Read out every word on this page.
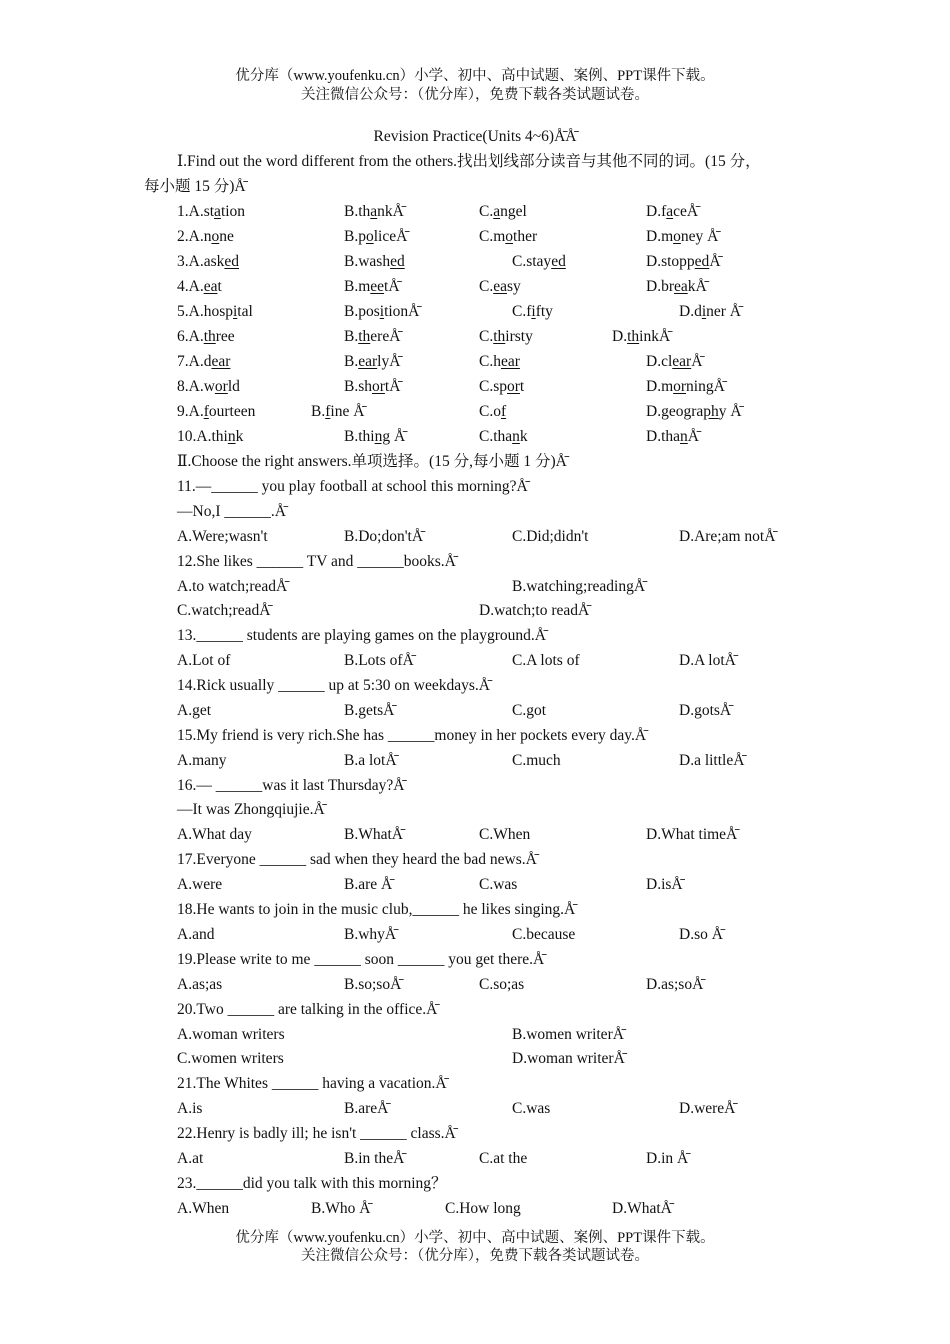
优分库（www.youfenku.cn）小学、初中、高中试题、案例、PPT课件下载。
关注微信公众号：（优分库），免费下载各类试题试卷。
Revision Practice(Units 4~6)Å̄Å̄
Ⅰ.Find out the word different from the others.找出划线部分读音与其他不同的词。(15 分，
每小题 15 分)Å̄
1.A.station	B.thankÅ̄	C.angel	D.faceÅ̄
2.A.none	B.policeÅ̄	C.mother	D.money Å̄
3.A.asked	B.washed	C.stayed	D.stoppedÅ̄
4.A.eat	B.meetÅ̄	C.easy	D.breakÅ̄
5.A.hospital	B.positionÅ̄	C.fifty	D.diner Å̄
6.A.three	B.thereÅ̄	C.thirsty	D.thinkÅ̄
7.A.dear	B.earlyÅ̄	C.hear	D.clearÅ̄
8.A.world	B.shortÅ̄	C.sport	D.morningÅ̄
9.A.fourteen	B.fine Å̄	C.of	D.geography Å̄
10.A.think	B.thing Å̄	C.thank	D.thanÅ̄
Ⅱ.Choose the right answers.单项选择。(15 分,每小题 1 分)Å̄
11.—______ you play football at school this morning?Å̄
—No,I ______.Å̄
A.Were;wasn't	B.Do;don'tÅ̄	C.Did;didn't	D.Are;am notÅ̄
12.She likes ______ TV and ______books.Å̄
A.to watch;readÅ̄	B.watching;readingÅ̄
C.watch;readÅ̄	D.watch;to readÅ̄
13.______ students are playing games on the playground.Å̄
A.Lot of	B.Lots ofÅ̄	C.A lots of	D.A lotÅ̄
14.Rick usually ______ up at 5:30 on weekdays.Å̄
A.get	B.getsÅ̄	C.got	D.gotsÅ̄
15.My friend is very rich.She has ______money in her pockets every day.Å̄
A.many	B.a lotÅ̄	C.much	D.a littleÅ̄
16.— ______was it last Thursday?Å̄
—It was Zhongqiujie.Å̄
A.What day	B.WhatÅ̄	C.When	D.What timeÅ̄
17.Everyone ______ sad when they heard the bad news.Å̄
A.were	B.are Å̄	C.was	D.isÅ̄
18.He wants to join in the music club,______ he likes singing.Å̄
A.and	B.whyÅ̄	C.because	D.so Å̄
19.Please write to me ______ soon ______ you get there.Å̄
A.as;as	B.so;soÅ̄	C.so;as	D.as;soÅ̄
20.Two ______ are talking in the office.Å̄
A.woman writers	B.women writerÅ̄
C.women writers	D.woman writerÅ̄
21.The Whites ______ having a vacation.Å̄
A.is	B.areÅ̄	C.was	D.wereÅ̄
22.Henry is badly ill; he isn't ______ class.Å̄
A.at	B.in theÅ̄	C.at the	D.in Å̄
23.______did you talk with this morning？
A.When	B.Who Å̄	C.How long	D.WhatÅ̄
优分库（www.youfenku.cn）小学、初中、高中试题、案例、PPT课件下载。
关注微信公众号：（优分库），免费下载各类试题试卷。
